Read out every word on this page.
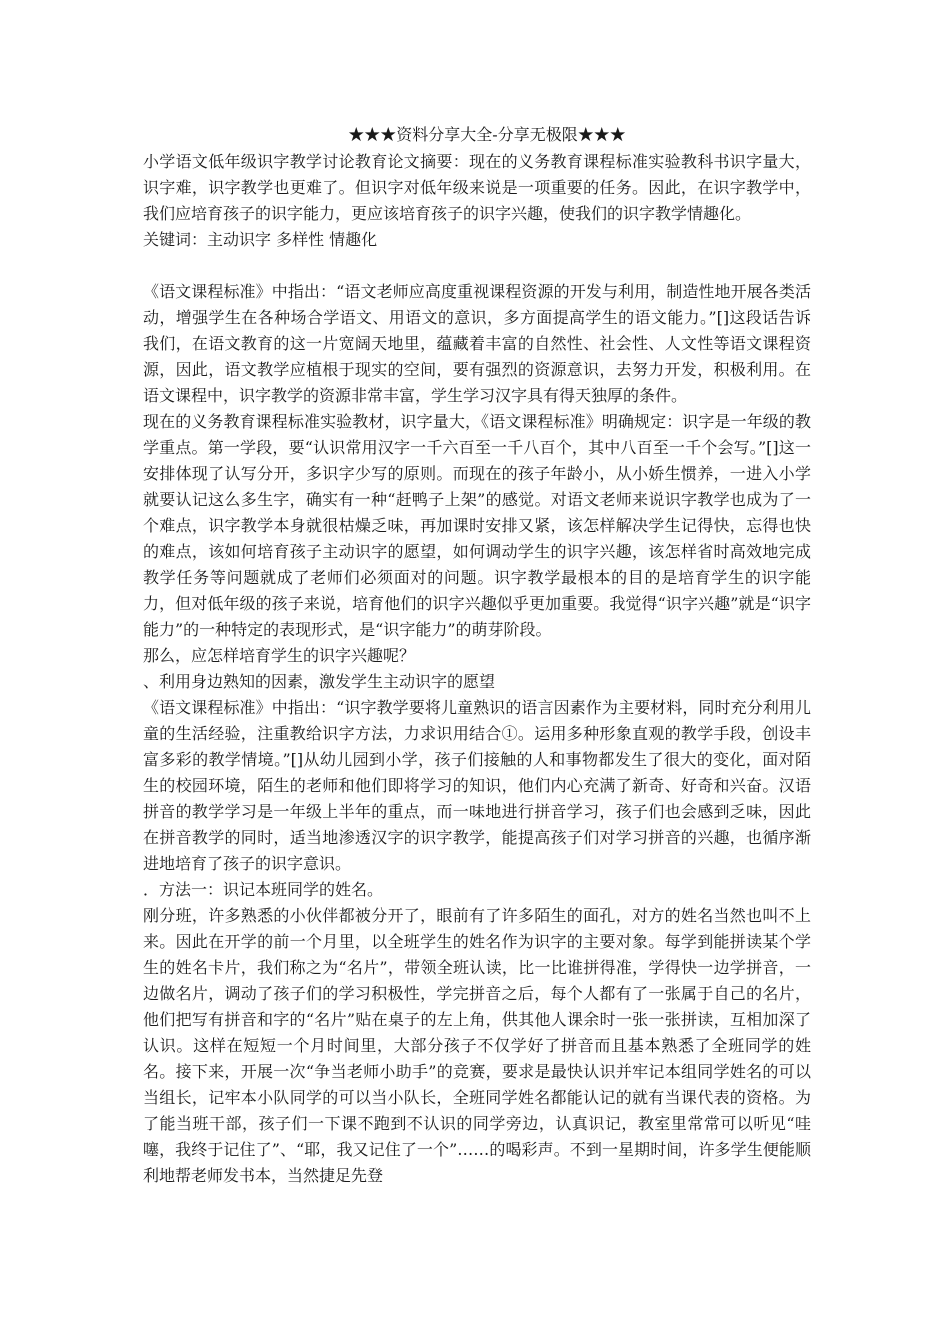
★★★资料分享大全-分享无极限★★★

小学语文低年级识字教学讨论教育论文摘要：现在的义务教育课程标准实验教科书识字量大，识字难，识字教学也更难了。但识字对低年级来说是一项重要的任务。因此，在识字教学中，我们应培育孩子的识字能力，更应该培育孩子的识字兴趣，使我们的识字教学情趣化。

关键词：主动识字 多样性 情趣化

《语文课程标准》中指出：“语文老师应高度重视课程资源的开发与利用，制造性地开展各类活动，增强学生在各种场合学语文、用语文的意识，多方面提高学生的语文能力。”[]这段话告诉我们，在语文教育的这一片宽阔天地里，蕴藏着丰富的自然性、社会性、人文性等语文课程资源，因此，语文教学应植根于现实的空间，要有强烈的资源意识，去努力开发，积极利用。在语文课程中，识字教学的资源非常丰富，学生学习汉字具有得天独厚的条件。

现在的义务教育课程标准实验教材，识字量大，《语文课程标准》明确规定：识字是一年级的教学重点。第一学段，要“认识常用汉字一千六百至一千八百个，其中八百至一千个会写。”[]这一安排体现了认写分开，多识字少写的原则。而现在的孩子年龄小，从小娇生惯养，一进入小学就要认记这么多生字，确实有一种“赶鸭子上架”的感觉。对语文老师来说识字教学也成为了一个难点，识字教学本身就很枯燥乏味，再加课时安排又紧，该怎样解决学生记得快，忘得也快的难点，该如何培育孩子主动识字的愿望，如何调动学生的识字兴趣，该怎样省时高效地完成教学任务等问题就成了老师们必须面对的问题。识字教学最根本的目的是培育学生的识字能力，但对低年级的孩子来说，培育他们的识字兴趣似乎更加重要。我觉得“识字兴趣”就是“识字能力”的一种特定的表现形式，是“识字能力”的萌芽阶段。

那么，应怎样培育学生的识字兴趣呢？

、利用身边熟知的因素，激发学生主动识字的愿望

《语文课程标准》中指出：“识字教学要将儿童熟识的语言因素作为主要材料，同时充分利用儿童的生活经验，注重教给识字方法，力求识用结合①。运用多种形象直观的教学手段，创设丰富多彩的教学情境。”[]从幼儿园到小学，孩子们接触的人和事物都发生了很大的变化，面对陌生的校园环境，陌生的老师和他们即将学习的知识，他们内心充满了新奇、好奇和兴奋。汉语拼音的教学学习是一年级上半年的重点，而一味地进行拼音学习，孩子们也会感到乏味，因此在拼音教学的同时，适当地渗透汉字的识字教学，能提高孩子们对学习拼音的兴趣，也循序渐进地培育了孩子的识字意识。

．方法一：识记本班同学的姓名。

刚分班，许多熟悉的小伙伴都被分开了，眼前有了许多陌生的面孔，对方的姓名当然也叫不上来。因此在开学的前一个月里，以全班学生的姓名作为识字的主要对象。每学到能拼读某个学生的姓名卡片，我们称之为“名片”，带领全班认读，比一比谁拼得准，学得快一边学拼音，一边做名片，调动了孩子们的学习积极性，学完拼音之后，每个人都有了一张属于自己的名片，他们把写有拼音和字的“名片”贴在桌子的左上角，供其他人课余时一张一张拼读，互相加深了认识。这样在短短一个月时间里，大部分孩子不仅学好了拼音而且基本熟悉了全班同学的姓名。接下来，开展一次“争当老师小助手”的竞赛，要求是最快认识并牢记本组同学姓名的可以当组长，记牢本小队同学的可以当小队长，全班同学姓名都能认记的就有当课代表的资格。为了能当班干部，孩子们一下课不跑到不认识的同学旁边，认真识记，教室里常常可以听见“哇噻，我终于记住了”、“耶，我又记住了一个”……的喝彩声。不到一星期时间，许多学生便能顺利地帮老师发书本，当然捷足先登
